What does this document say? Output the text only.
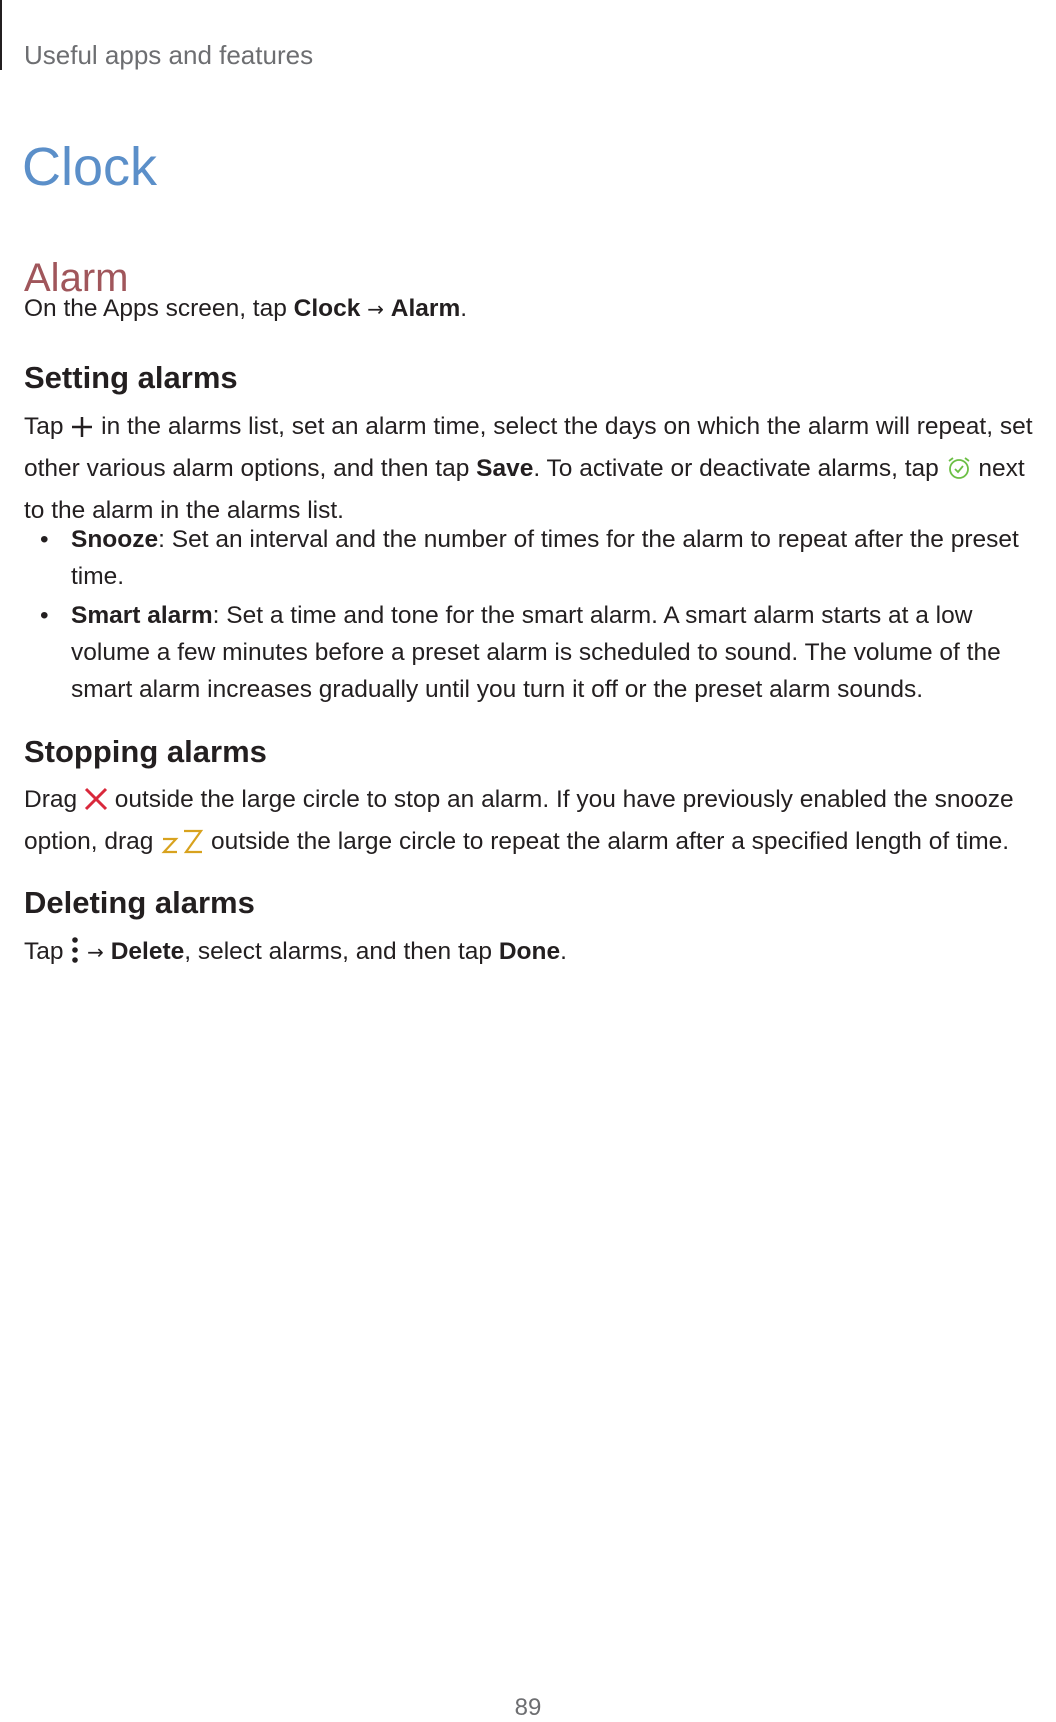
Useful apps and features
Clock
Alarm
On the Apps screen, tap Clock → Alarm.
Setting alarms
Tap  in the alarms list, set an alarm time, select the days on which the alarm will repeat, set
other various alarm options, and then tap Save. To activate or deactivate alarms, tap  next
to the alarm in the alarms list.
• Snooze: Set an interval and the number of times for the alarm to repeat after the preset
time.
• Smart alarm: Set a time and tone for the smart alarm. A smart alarm starts at a low
volume a few minutes before a preset alarm is scheduled to sound. The volume of the
smart alarm increases gradually until you turn it off or the preset alarm sounds.
Stopping alarms
Drag  outside the large circle to stop an alarm. If you have previously enabled the snooze
option, drag  outside the large circle to repeat the alarm after a specified length of time.
Deleting alarms
Tap  → Delete, select alarms, and then tap Done.
89
